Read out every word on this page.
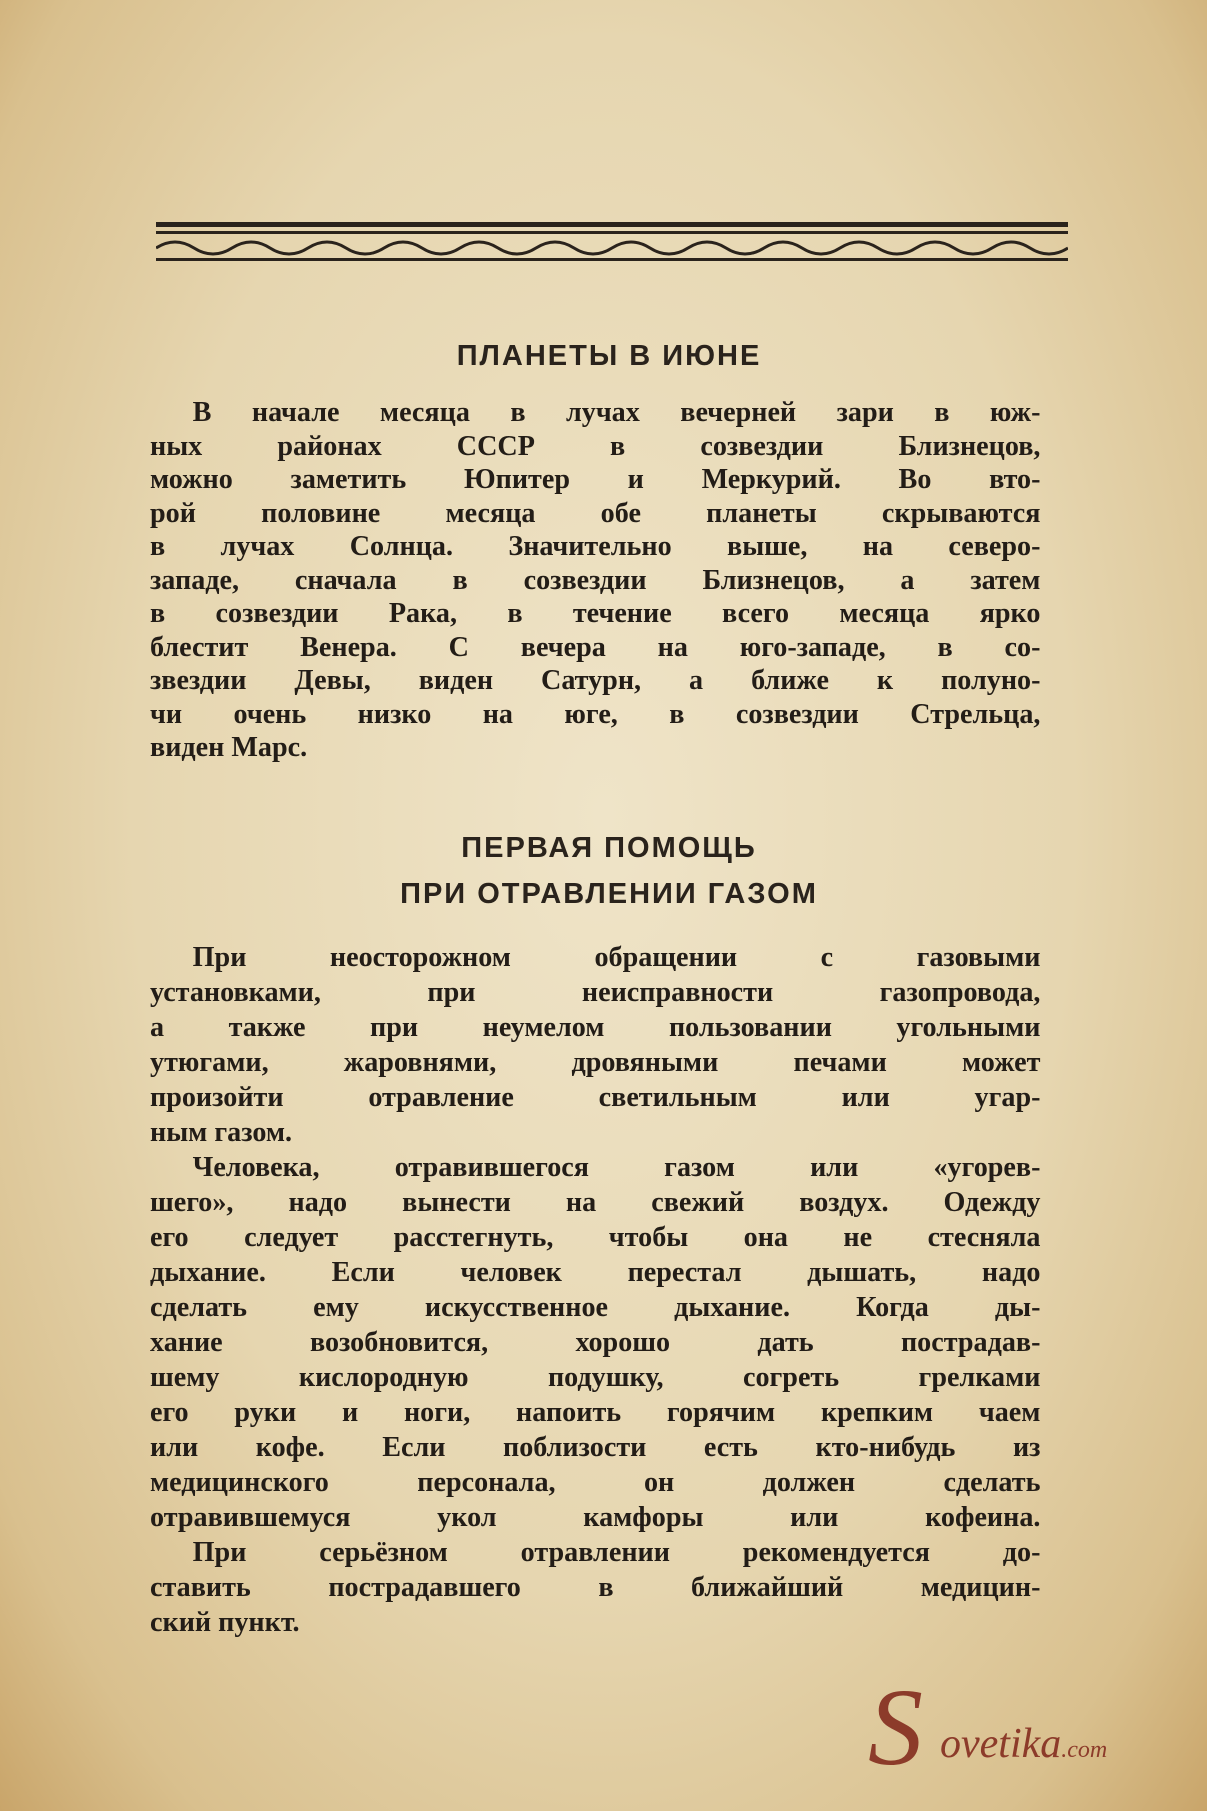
ПЛАНЕТЫ В ИЮНЕ
В начале месяца в лучах вечерней зари в юж-
ных районах СССР в созвездии Близнецов,
можно заметить Юпитер и Меркурий. Во вто-
рой половине месяца обе планеты скрываются
в лучах Солнца. Значительно выше, на северо-
западе, сначала в созвездии Близнецов, а затем
в созвездии Рака, в течение всего месяца ярко
блестит Венера. С вечера на юго-западе, в со-
звездии Девы, виден Сатурн, а ближе к полуно-
чи очень низко на юге, в созвездии Стрельца,
виден Марс.
ПЕРВАЯ ПОМОЩЬ
ПРИ ОТРАВЛЕНИИ ГАЗОМ
При неосторожном обращении с газовыми
установками, при неисправности газопровода,
а также при неумелом пользовании угольными
утюгами, жаровнями, дровяными печами может
произойти отравление светильным или угар-
ным газом.
Человека, отравившегося газом или «угорев-
шего», надо вынести на свежий воздух. Одежду
его следует расстегнуть, чтобы она не стесняла
дыхание. Если человек перестал дышать, надо
сделать ему искусственное дыхание. Когда ды-
хание возобновится, хорошо дать пострадав-
шему кислородную подушку, согреть грелками
его руки и ноги, напоить горячим крепким чаем
или кофе. Если поблизости есть кто-нибудь из
медицинского персонала, он должен сделать
отравившемуся укол камфоры или кофеина.
При серьёзном отравлении рекомендуется до-
ставить пострадавшего в ближайший медицин-
ский пункт.
S ovetika.com
